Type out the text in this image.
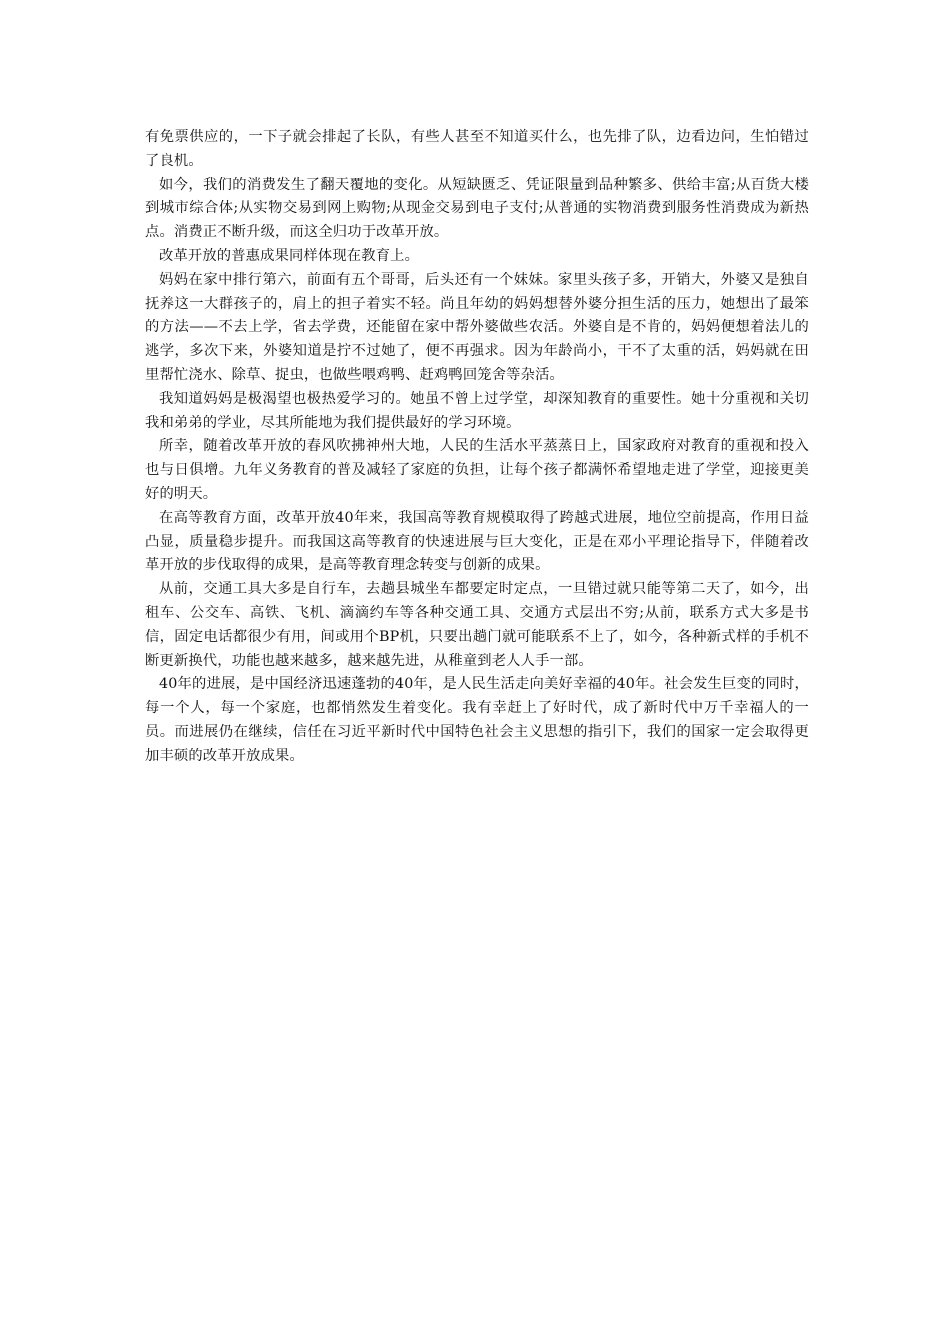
有免票供应的，一下子就会排起了长队，有些人甚至不知道买什么，也先排了队，边看边问，生怕错过了良机。

如今，我们的消费发生了翻天覆地的变化。从短缺匮乏、凭证限量到品种繁多、供给丰富;从百货大楼到城市综合体;从实物交易到网上购物;从现金交易到电子支付;从普通的实物消费到服务性消费成为新热点。消费正不断升级，而这全归功于改革开放。

改革开放的普惠成果同样体现在教育上。

妈妈在家中排行第六，前面有五个哥哥，后头还有一个妹妹。家里头孩子多，开销大，外婆又是独自抚养这一大群孩子的，肩上的担子着实不轻。尚且年幼的妈妈想替外婆分担生活的压力，她想出了最笨的方法——不去上学，省去学费，还能留在家中帮外婆做些农活。外婆自是不肯的，妈妈便想着法儿的逃学，多次下来，外婆知道是拧不过她了，便不再强求。因为年龄尚小，干不了太重的活，妈妈就在田里帮忙浇水、除草、捉虫，也做些喂鸡鸭、赶鸡鸭回笼舍等杂活。

我知道妈妈是极渴望也极热爱学习的。她虽不曾上过学堂，却深知教育的重要性。她十分重视和关切我和弟弟的学业，尽其所能地为我们提供最好的学习环境。

所幸，随着改革开放的春风吹拂神州大地，人民的生活水平蒸蒸日上，国家政府对教育的重视和投入也与日俱增。九年义务教育的普及减轻了家庭的负担，让每个孩子都满怀希望地走进了学堂，迎接更美好的明天。

在高等教育方面，改革开放40年来，我国高等教育规模取得了跨越式进展，地位空前提高，作用日益凸显，质量稳步提升。而我国这高等教育的快速进展与巨大变化，正是在邓小平理论指导下，伴随着改革开放的步伐取得的成果，是高等教育理念转变与创新的成果。

从前，交通工具大多是自行车，去趟县城坐车都要定时定点，一旦错过就只能等第二天了，如今，出租车、公交车、高铁、飞机、滴滴约车等各种交通工具、交通方式层出不穷;从前，联系方式大多是书信，固定电话都很少有用，间或用个BP机，只要出趟门就可能联系不上了，如今，各种新式样的手机不断更新换代，功能也越来越多，越来越先进，从稚童到老人人手一部。

40年的进展，是中国经济迅速蓬勃的40年，是人民生活走向美好幸福的40年。社会发生巨变的同时，每一个人，每一个家庭，也都悄然发生着变化。我有幸赶上了好时代，成了新时代中万千幸福人的一员。而进展仍在继续，信任在习近平新时代中国特色社会主义思想的指引下，我们的国家一定会取得更加丰硕的改革开放成果。
